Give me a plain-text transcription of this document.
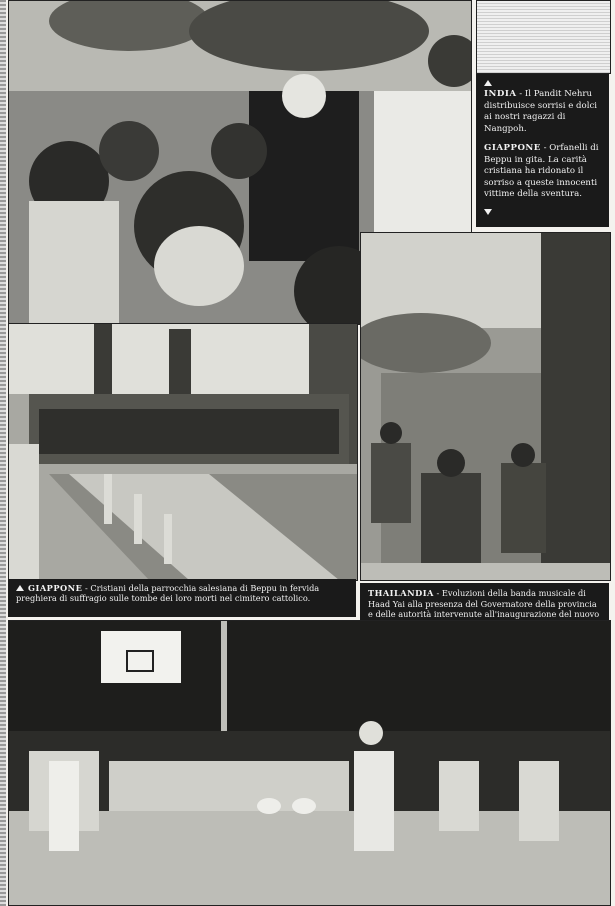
INDIA - Il Pandit Nehru distribuisce sorrisi e dolci ai nostri ragazzi di Nangpoh.

GIAPPONE - Orfanelli di Beppu in gita. La carità cristiana ha ridonato il sorriso a queste innocenti vittime della sventura.

GIAPPONE - Cristiani della parrocchia salesiana di Beppu in fervida preghiera di suffragio sulle tombe dei loro morti nel cimitero cattolico.	THAILANDIA - Evoluzioni della banda musicale di Haad Yai alla presenza del Governatore della provincia e delle autorità intervenute all'inaugurazione del nuovo
